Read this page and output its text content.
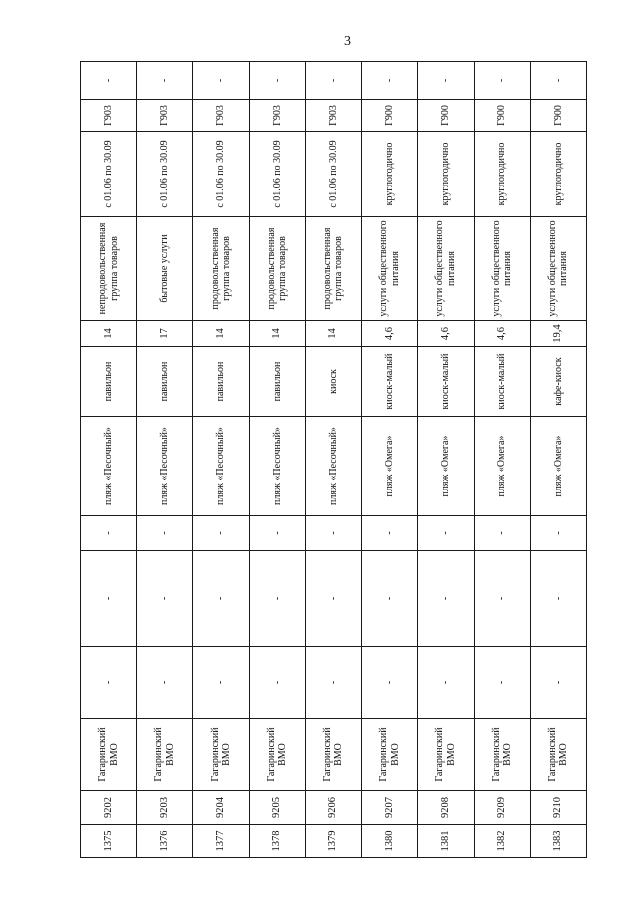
3
1375	9202	Гагаринский ВМО	-	-	-	пляж «Песочный»	павильон	14	непродовольственная группа товаров	с 01.06 по 30.09	Г903	-
1376	9203	Гагаринский ВМО	-	-	-	пляж «Песочный»	павильон	17	бытовые услуги	с 01.06 по 30.09	Г903	-
1377	9204	Гагаринский ВМО	-	-	-	пляж «Песочный»	павильон	14	продовольственная группа товаров	с 01.06 по 30.09	Г903	-
1378	9205	Гагаринский ВМО	-	-	-	пляж «Песочный»	павильон	14	продовольственная группа товаров	с 01.06 по 30.09	Г903	-
1379	9206	Гагаринский ВМО	-	-	-	пляж «Песочный»	киоск	14	продовольственная группа товаров	с 01.06 по 30.09	Г903	-
1380	9207	Гагаринский ВМО	-	-	-	пляж «Омега»	киоск-малый	4,6	услуги общественного питания	круглогодично	Г900	-
1381	9208	Гагаринский ВМО	-	-	-	пляж «Омега»	киоск-малый	4,6	услуги общественного питания	круглогодично	Г900	-
1382	9209	Гагаринский ВМО	-	-	-	пляж «Омега»	киоск-малый	4,6	услуги общественного питания	круглогодично	Г900	-
1383	9210	Гагаринский ВМО	-	-	-	пляж «Омега»	кафе-киоск	19,4	услуги общественного питания	круглогодично	Г900	-
